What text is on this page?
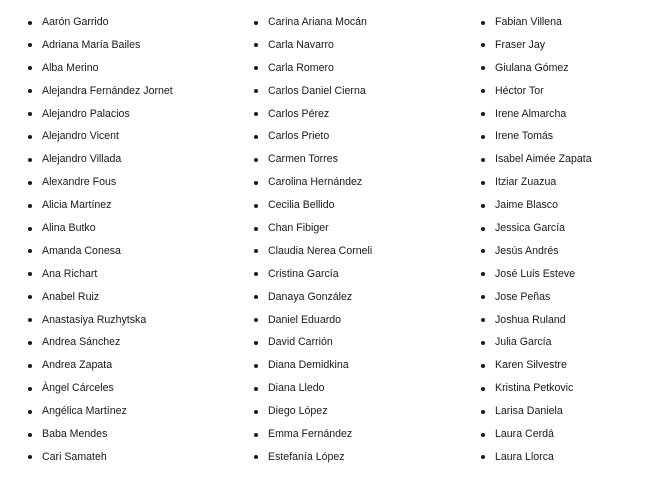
Aarón Garrido
Adriana María Bailes
Alba Merino
Alejandra Fernández Jornet
Alejandro Palacios
Alejandro Vicent
Alejandro Villada
Alexandre Fous
Alicia Martínez
Alina Butko
Amanda Conesa
Ana Richart
Anabel Ruiz
Anastasiya Ruzhytska
Andrea Sánchez
Andrea Zapata
Àngel Cárceles
Angélica Martínez
Baba Mendes
Cari Samateh
Carina Ariana Mocán
Carla Navarro
Carla Romero
Carlos Daniel Cierna
Carlos Pérez
Carlos Prieto
Carmen Torres
Carolina Hernández
Cecilia Bellido
Chan Fibiger
Claudia Nerea Corneli
Cristina García
Danaya González
Daniel Eduardo
David Carrión
Diana Demidkina
Diana Lledo
Diego López
Emma Fernández
Estefanía López
Fabian Villena
Fraser Jay
Giulana Gómez
Héctor Tor
Irene Almarcha
Irene Tomás
Isabel Aimée Zapata
Itziar Zuazua
Jaime Blasco
Jessica García
Jesús Andrés
José Luis Esteve
Jose Peñas
Joshua Ruland
Julia García
Karen Silvestre
Kristina Petkovic
Larisa Daniela
Laura Cerdá
Laura Llorca
